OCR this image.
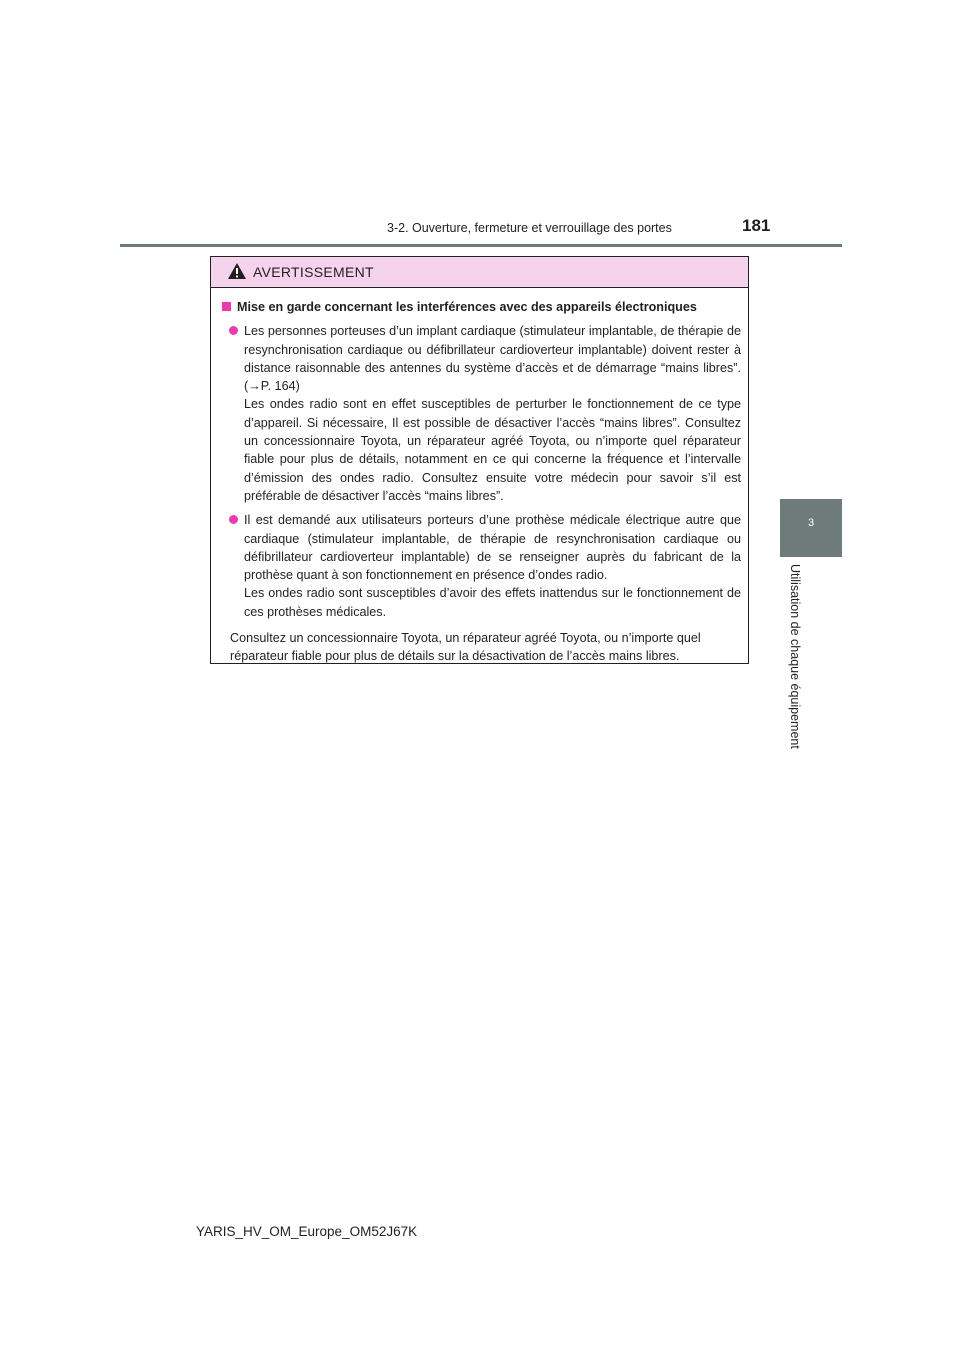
3-2. Ouverture, fermeture et verrouillage des portes	181
3
Utilisation de chaque équipement
AVERTISSEMENT
Mise en garde concernant les interférences avec des appareils électroniques

Les personnes porteuses d’un implant cardiaque (stimulateur implantable, de thérapie de resynchronisation cardiaque ou défibrillateur cardioverteur implantable) doivent rester à distance raisonnable des antennes du système d’accès et de démarrage “mains libres”. (→P. 164)

Les ondes radio sont en effet susceptibles de perturber le fonctionnement de ce type d’appareil. Si nécessaire, Il est possible de désactiver l’accès “mains libres”. Consultez un concessionnaire Toyota, un réparateur agréé Toyota, ou n’importe quel réparateur fiable pour plus de détails, notamment en ce qui concerne la fréquence et l’intervalle d’émission des ondes radio. Consultez ensuite votre médecin pour savoir s’il est préférable de désactiver l’accès “mains libres”.

Il est demandé aux utilisateurs porteurs d’une prothèse médicale électrique autre que cardiaque (stimulateur implantable, de thérapie de resynchronisation cardiaque ou défibrillateur cardioverteur implantable) de se renseigner auprès du fabricant de la prothèse quant à son fonctionnement en présence d’ondes radio.

Les ondes radio sont susceptibles d’avoir des effets inattendus sur le fonctionnement de ces prothèses médicales.

Consultez un concessionnaire Toyota, un réparateur agréé Toyota, ou n’importe quel réparateur fiable pour plus de détails sur la désactivation de l’accès mains libres.

YARIS_HV_OM_Europe_OM52J67K
